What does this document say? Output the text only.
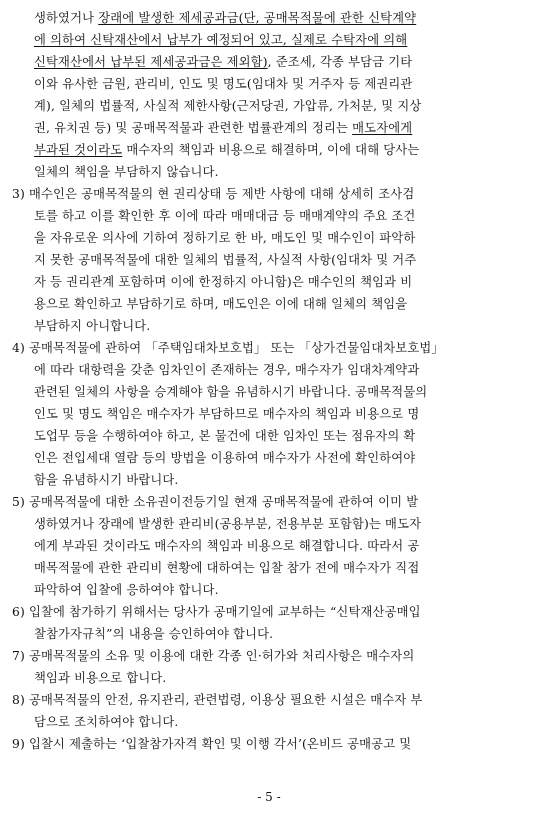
생하였거나 장래에 발생한 제세공과금(단, 공매목적물에 관한 신탁계약
에 의하여 신탁재산에서 납부가 예정되어 있고, 실제로 수탁자에 의해
신탁재산에서 납부된 제세공과금은 제외함), 준조세, 각종 부담금 기타
이와 유사한 금원, 관리비, 인도 및 명도(임대차 및 거주자 등 제권리관
계), 일체의 법률적, 사실적 제한사항(근저당권, 가압류, 가처분, 및 지상
권, 유치권 등) 및 공매목적물과 관련한 법률관계의 정리는 매도자에게
부과된 것이라도 매수자의 책임과 비용으로 해결하며, 이에 대해 당사는
일체의 책임을 부담하지 않습니다.
3) 매수인은 공매목적물의 현 권리상태 등 제반 사항에 대해 상세히 조사검
토를 하고 이를 확인한 후 이에 따라 매매대금 등 매매계약의 주요 조건
을 자유로운 의사에 기하여 정하기로 한 바, 매도인 및 매수인이 파악하
지 못한 공매목적물에 대한 일체의 법률적, 사실적 사항(임대차 및 거주
자 등 권리관계 포함하며 이에 한정하지 아니함)은 매수인의 책임과 비
용으로 확인하고 부담하기로 하며, 매도인은 이에 대해 일체의 책임을
부담하지 아니합니다.
4) 공매목적물에 관하여 「주택임대차보호법」 또는 「상가건물임대차보호법」
에 따라 대항력을 갖춘 임차인이 존재하는 경우, 매수자가 임대차계약과
관련된 일체의 사항을 승계해야 함을 유념하시기 바랍니다. 공매목적물의
인도 및 명도 책임은 매수자가 부담하므로 매수자의 책임과 비용으로 명
도업무 등을 수행하여야 하고, 본 물건에 대한 임차인 또는 점유자의 확
인은 전입세대 열람 등의 방법을 이용하여 매수자가 사전에 확인하여야
함을 유념하시기 바랍니다.
5) 공매목적물에 대한 소유권이전등기일 현재 공매목적물에 관하여 이미 발
생하였거나 장래에 발생한 관리비(공용부분, 전용부분 포함함)는 매도자
에게 부과된 것이라도 매수자의 책임과 비용으로 해결합니다. 따라서 공
매목적물에 관한 관리비 현황에 대하여는 입찰 참가 전에 매수자가 직접
파악하여 입찰에 응하여야 합니다.
6) 입찰에 참가하기 위해서는 당사가 공매기일에 교부하는 “신탁재산공매입
찰참가자규칙”의 내용을 승인하여야 합니다.
7) 공매목적물의 소유 및 이용에 대한 각종 인·허가와 처리사항은 매수자의
책임과 비용으로 합니다.
8) 공매목적물의 안전, 유지관리, 관련법령, 이용상 필요한 시설은 매수자 부
담으로 조치하여야 합니다.
9) 입찰시 제출하는 ‘입찰참가자격 확인 및 이행 각서’(온비드 공매공고 및
- 5 -
